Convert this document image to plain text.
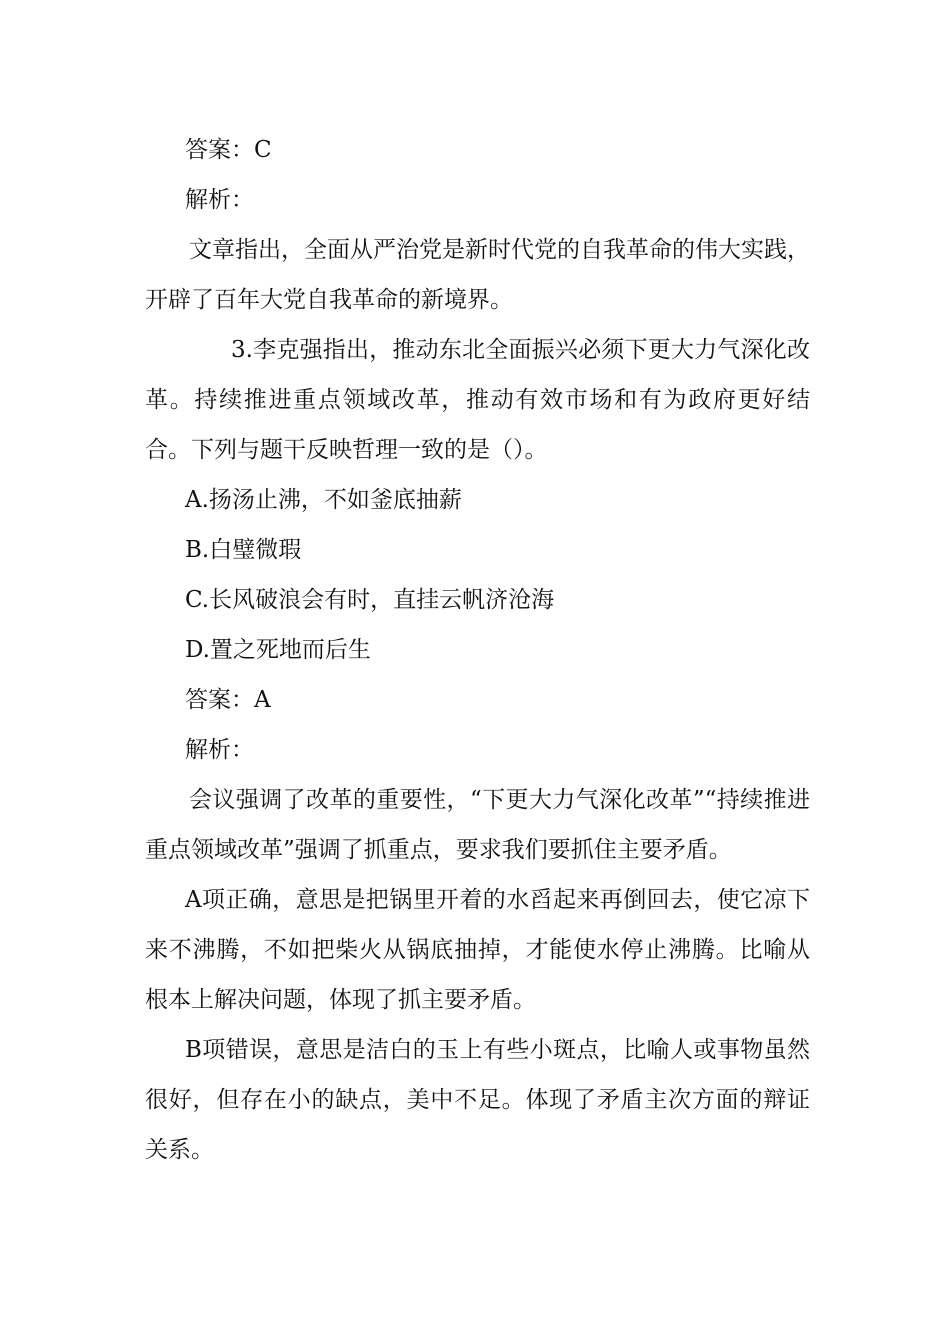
答案：C

解析：

文章指出，全面从严治党是新时代党的自我革命的伟大实践，开辟了百年大党自我革命的新境界。

3.李克强指出，推动东北全面振兴必须下更大力气深化改革。持续推进重点领域改革，推动有效市场和有为政府更好结合。下列与题干反映哲理一致的是（）。

A.扬汤止沸，不如釜底抽薪

B.白璧微瑕

C.长风破浪会有时，直挂云帆济沧海

D.置之死地而后生

答案：A

解析：

会议强调了改革的重要性，“下更大力气深化改革”“持续推进重点领域改革”强调了抓重点，要求我们要抓住主要矛盾。

A项正确，意思是把锅里开着的水舀起来再倒回去，使它凉下来不沸腾，不如把柴火从锅底抽掉，才能使水停止沸腾。比喻从根本上解决问题，体现了抓主要矛盾。

B项错误，意思是洁白的玉上有些小斑点，比喻人或事物虽然很好，但存在小的缺点，美中不足。体现了矛盾主次方面的辩证关系。
